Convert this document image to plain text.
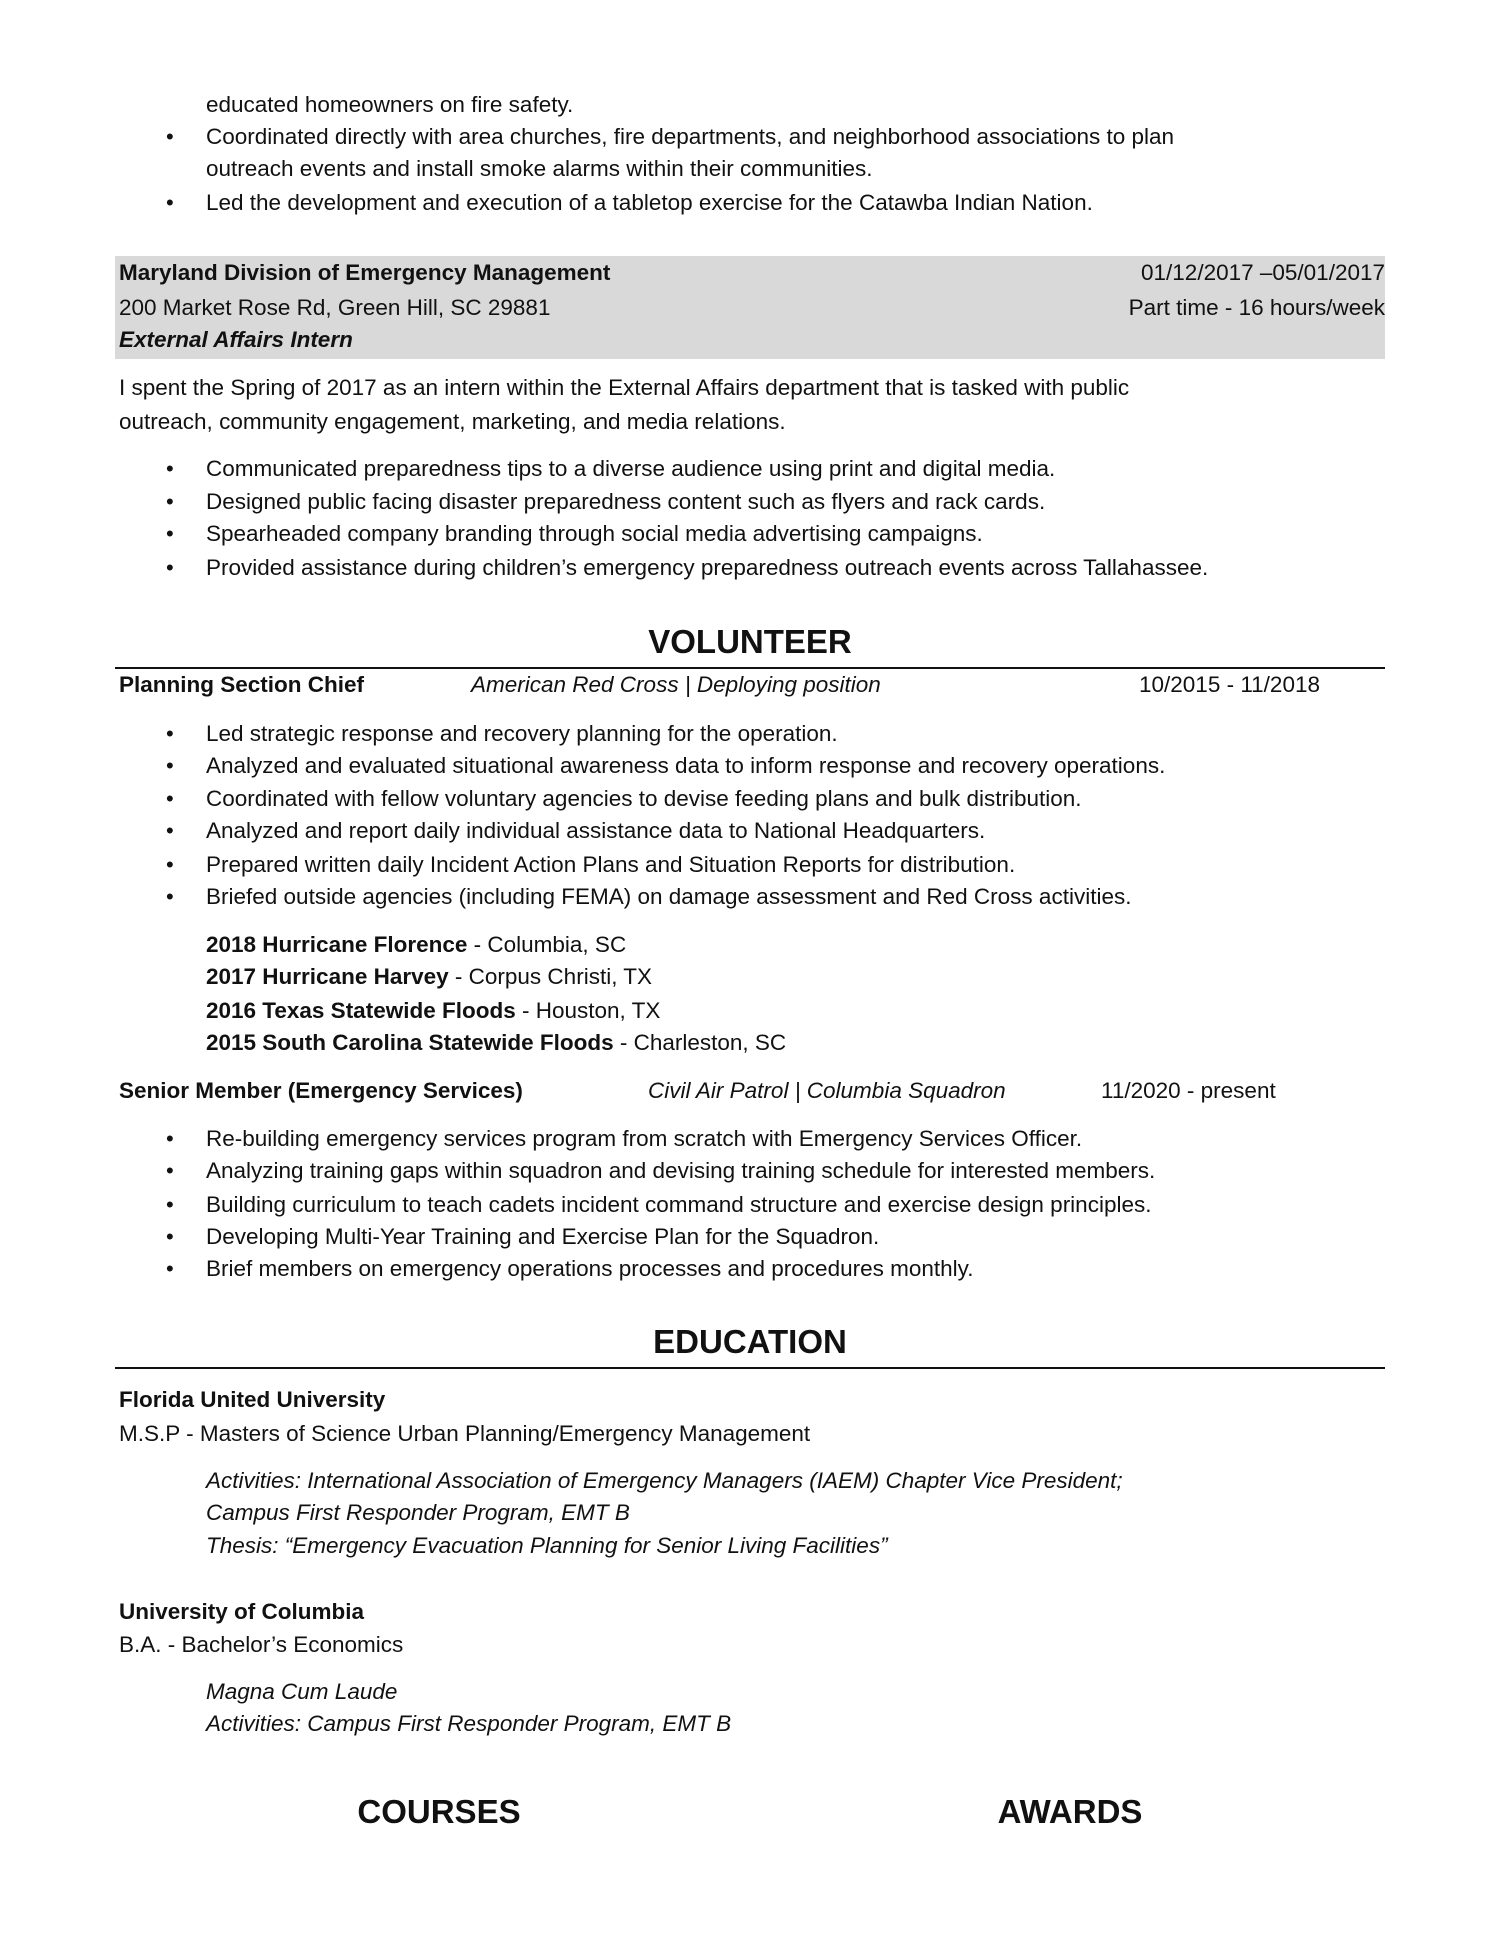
educated homeowners on fire safety.
• Coordinated directly with area churches, fire departments, and neighborhood associations to plan
outreach events and install smoke alarms within their communities.
• Led the development and execution of a tabletop exercise for the Catawba Indian Nation.
Maryland Division of Emergency Management	01/12/2017 –05/01/2017
200 Market Rose Rd, Green Hill, SC 29881	Part time - 16 hours/week
External Affairs Intern
I spent the Spring of 2017 as an intern within the External Affairs department that is tasked with public
outreach, community engagement, marketing, and media relations.
• Communicated preparedness tips to a diverse audience using print and digital media.
• Designed public facing disaster preparedness content such as flyers and rack cards.
• Spearheaded company branding through social media advertising campaigns.
• Provided assistance during children’s emergency preparedness outreach events across Tallahassee.
VOLUNTEER
Planning Section Chief	American Red Cross | Deploying position	10/2015 - 11/2018
• Led strategic response and recovery planning for the operation.
• Analyzed and evaluated situational awareness data to inform response and recovery operations.
• Coordinated with fellow voluntary agencies to devise feeding plans and bulk distribution.
• Analyzed and report daily individual assistance data to National Headquarters.
• Prepared written daily Incident Action Plans and Situation Reports for distribution.
• Briefed outside agencies (including FEMA) on damage assessment and Red Cross activities.
2018 Hurricane Florence - Columbia, SC
2017 Hurricane Harvey - Corpus Christi, TX
2016 Texas Statewide Floods - Houston, TX
2015 South Carolina Statewide Floods - Charleston, SC
Senior Member (Emergency Services)	Civil Air Patrol | Columbia Squadron	11/2020 - present
• Re-building emergency services program from scratch with Emergency Services Officer.
• Analyzing training gaps within squadron and devising training schedule for interested members.
• Building curriculum to teach cadets incident command structure and exercise design principles.
• Developing Multi-Year Training and Exercise Plan for the Squadron.
• Brief members on emergency operations processes and procedures monthly.
EDUCATION
Florida United University
M.S.P - Masters of Science Urban Planning/Emergency Management
Activities: International Association of Emergency Managers (IAEM) Chapter Vice President;
Campus First Responder Program, EMT B
Thesis: “Emergency Evacuation Planning for Senior Living Facilities”
University of Columbia
B.A. - Bachelor’s Economics
Magna Cum Laude
Activities: Campus First Responder Program, EMT B
COURSES	AWARDS
